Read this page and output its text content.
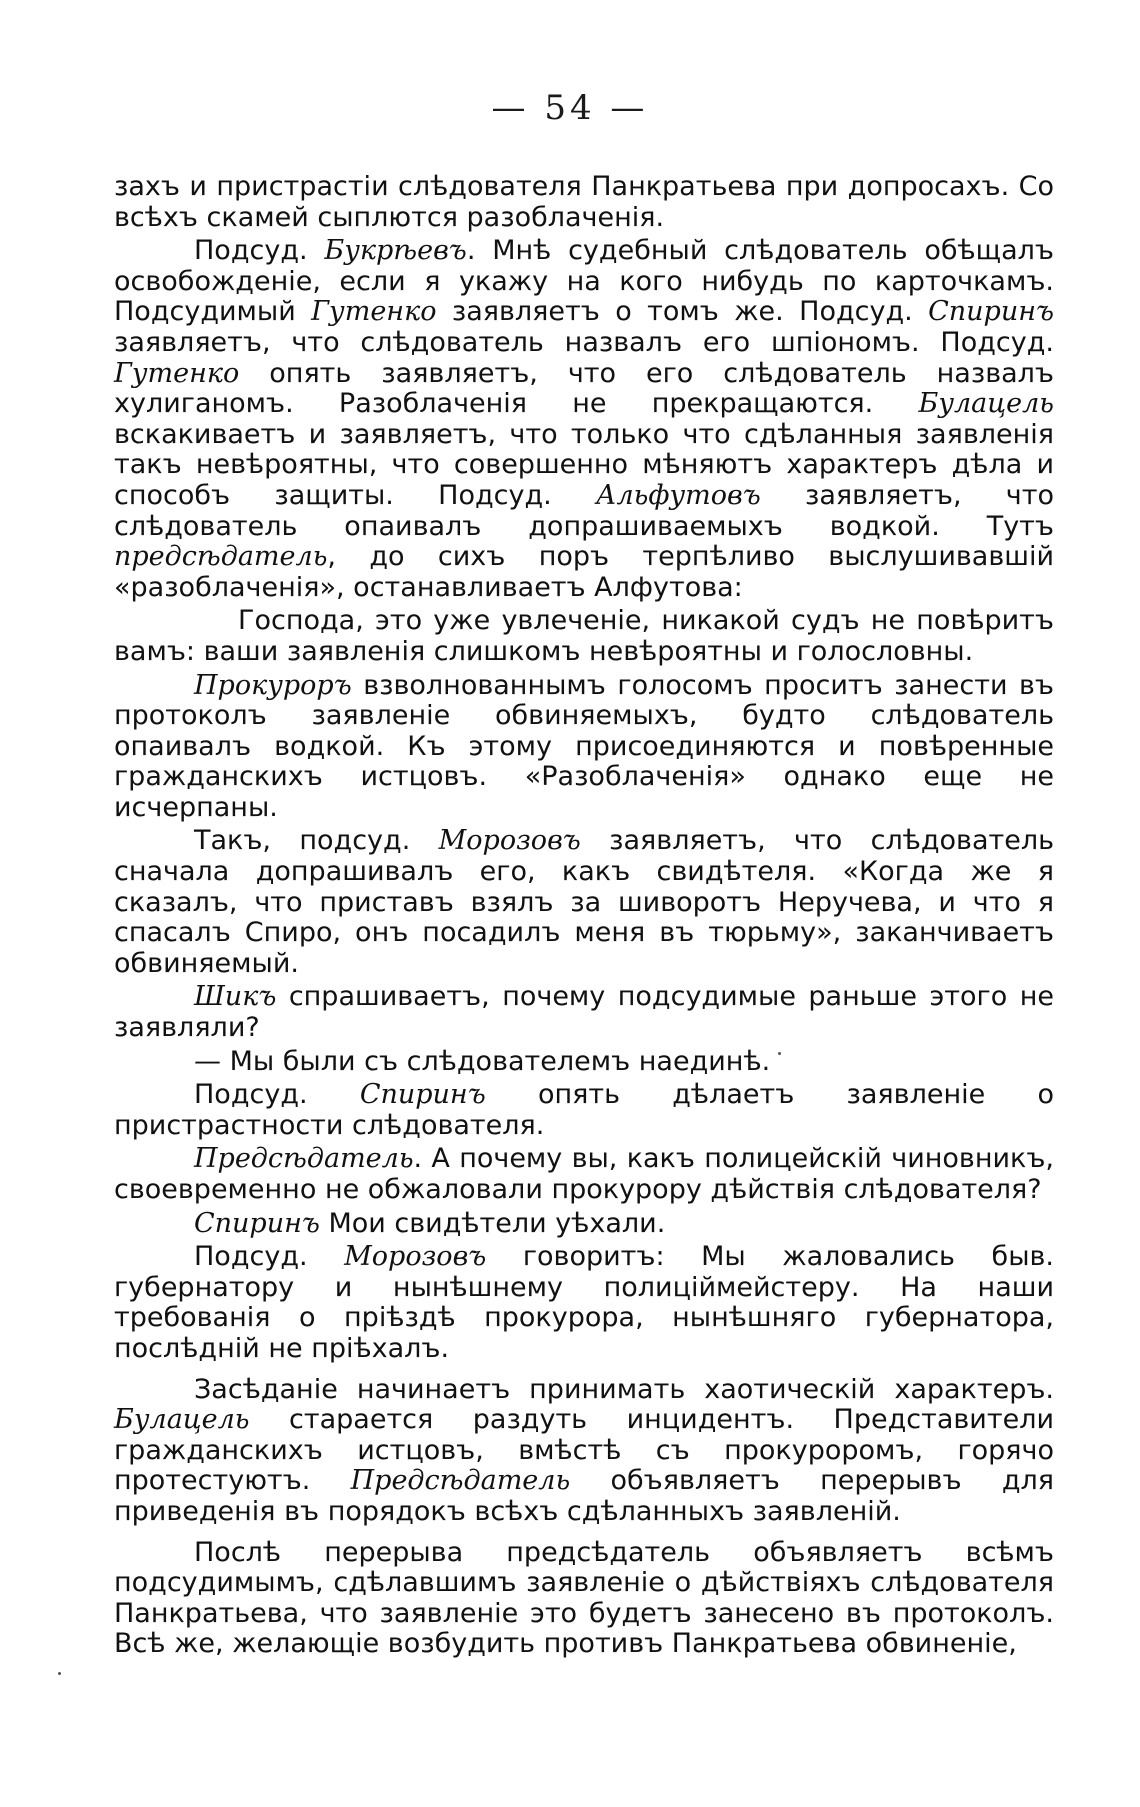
— 54 —

захъ и пристрастіи слѣдователя Панкратьева при допросахъ. Со всѣхъ скамей сыплются разоблаченія.

Подсуд. Букрѣевъ. Мнѣ судебный слѣдователь обѣщалъ освобожденіе, если я укажу на кого нибудь по карточкамъ. Подсудимый Гутенко заявляетъ о томъ же. Подсуд. Спиринъ заявляетъ, что слѣдователь назвалъ его шпіономъ. Подсуд. Гутенко опять заявляетъ, что его слѣдователь назвалъ хулиганомъ. Разоблаченія не прекращаются. Булацель вскакиваетъ и заявляетъ, что только что сдѣланныя заявленія такъ невѣроятны, что совершенно мѣняютъ характеръ дѣла и способъ защиты. Подсуд. Альфутовъ заявляетъ, что слѣдователь опаивалъ допрашиваемыхъ водкой. Тутъ предсѣдатель, до сихъ поръ терпѣливо выслушивавшій «разоблаченія», останавливаетъ Алфутова:

Господа, это уже увлеченіе, никакой судъ не повѣритъ вамъ: ваши заявленія слишкомъ невѣроятны и голословны.

Прокуроръ взволнованнымъ голосомъ проситъ занести въ протоколъ заявленіе обвиняемыхъ, будто слѣдователь опаивалъ водкой. Къ этому присоединяются и повѣренные гражданскихъ истцовъ. «Разоблаченія» однако еще не исчерпаны.

Такъ, подсуд. Морозовъ заявляетъ, что слѣдователь сначала допрашивалъ его, какъ свидѣтеля. «Когда же я сказалъ, что приставъ взялъ за шиворотъ Неручева, и что я спасалъ Спиро, онъ посадилъ меня въ тюрьму», заканчиваетъ обвиняемый.

Шикъ спрашиваетъ, почему подсудимые раньше этого не заявляли?

— Мы были съ слѣдователемъ наединѣ.

Подсуд. Спиринъ опять дѣлаетъ заявленіе о пристрастности слѣдователя.

Предсѣдатель. А почему вы, какъ полицейскій чиновникъ, своевременно не обжаловали прокурору дѣйствія слѣдователя?

Спиринъ Мои свидѣтели уѣхали.

Подсуд. Морозовъ говоритъ: Мы жаловались быв. губернатору и нынѣшнему полиціймейстеру. На наши требованія о пріѣздѣ прокурора, нынѣшняго губернатора, послѣдній не пріѣхалъ.

Засѣданіе начинаетъ принимать хаотическій характеръ. Булацель старается раздуть инцидентъ. Представители гражданскихъ истцовъ, вмѣстѣ съ прокуроромъ, горячо протестуютъ. Предсѣдатель объявляетъ перерывъ для приведенія въ порядокъ всѣхъ сдѣланныхъ заявленій.

Послѣ перерыва предсѣдатель объявляетъ всѣмъ подсудимымъ, сдѣлавшимъ заявленіе о дѣйствіяхъ слѣдователя Панкратьева, что заявленіе это будетъ занесено въ протоколъ. Всѣ же, желающіе возбудить противъ Панкратьева обвиненіе,
